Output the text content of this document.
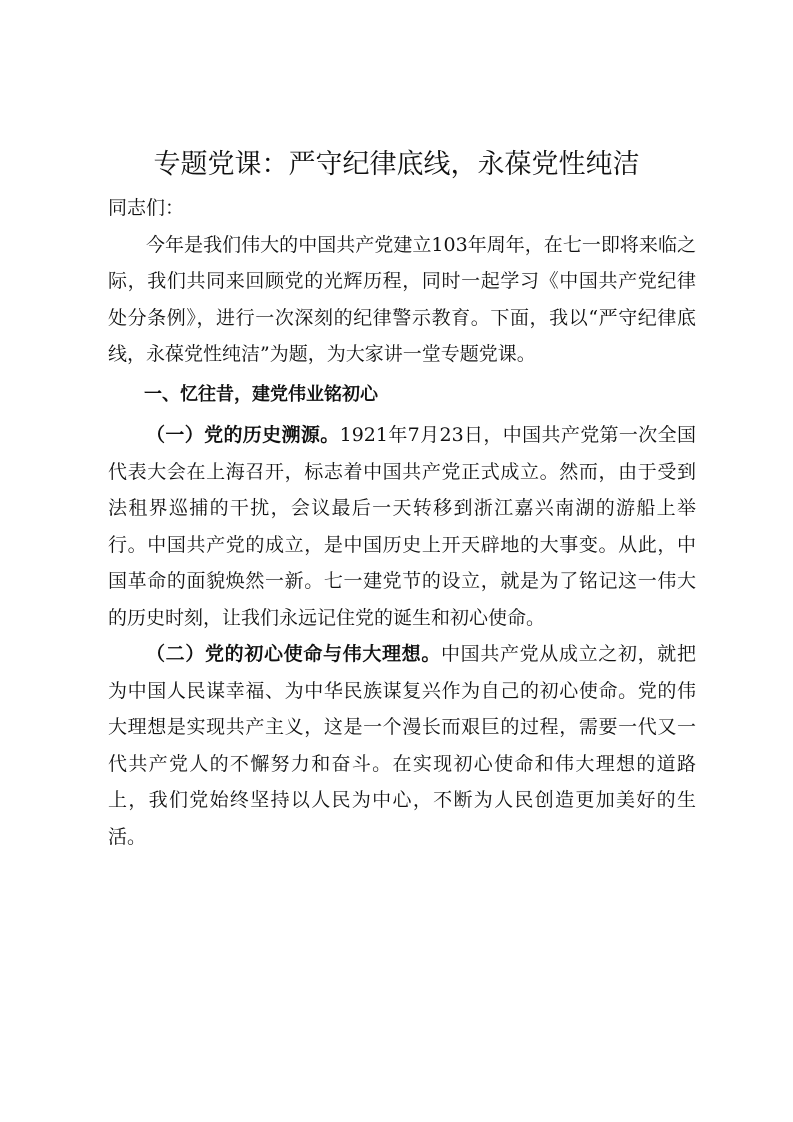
专题党课：严守纪律底线，永葆党性纯洁

同志们：

今年是我们伟大的中国共产党建立103年周年，在七一即将来临之际，我们共同来回顾党的光辉历程，同时一起学习《中国共产党纪律处分条例》，进行一次深刻的纪律警示教育。下面，我以“严守纪律底线，永葆党性纯洁”为题，为大家讲一堂专题党课。

一、忆往昔，建党伟业铭初心

（一）党的历史溯源。1921年7月23日，中国共产党第一次全国代表大会在上海召开，标志着中国共产党正式成立。然而，由于受到法租界巡捕的干扰，会议最后一天转移到浙江嘉兴南湖的游船上举行。中国共产党的成立，是中国历史上开天辟地的大事变。从此，中国革命的面貌焕然一新。七一建党节的设立，就是为了铭记这一伟大的历史时刻，让我们永远记住党的诞生和初心使命。

（二）党的初心使命与伟大理想。中国共产党从成立之初，就把为中国人民谋幸福、为中华民族谋复兴作为自己的初心使命。党的伟大理想是实现共产主义，这是一个漫长而艰巨的过程，需要一代又一代共产党人的不懈努力和奋斗。在实现初心使命和伟大理想的道路上，我们党始终坚持以人民为中心，不断为人民创造更加美好的生活。
